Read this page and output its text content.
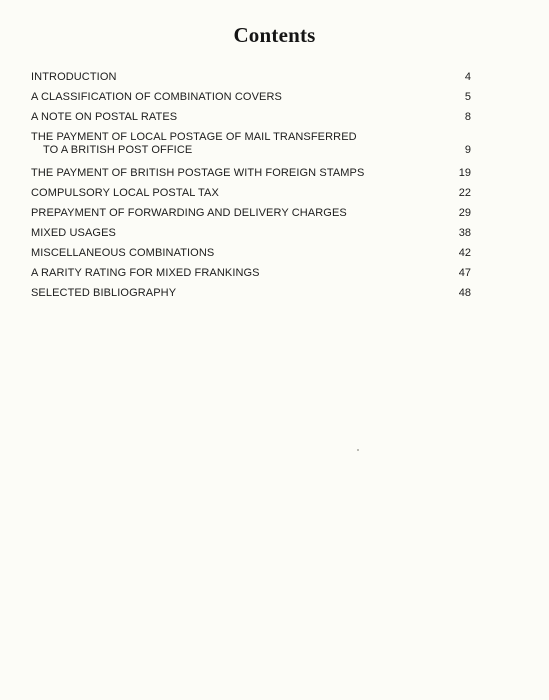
Contents
INTRODUCTION	4
A CLASSIFICATION OF COMBINATION COVERS	5
A NOTE ON POSTAL RATES	8
THE PAYMENT OF LOCAL POSTAGE OF MAIL TRANSFERRED
TO A BRITISH POST OFFICE	9
THE PAYMENT OF BRITISH POSTAGE WITH FOREIGN STAMPS	19
COMPULSORY LOCAL POSTAL TAX	22
PREPAYMENT OF FORWARDING AND DELIVERY CHARGES	29
MIXED USAGES	38
MISCELLANEOUS COMBINATIONS	42
A RARITY RATING FOR MIXED FRANKINGS	47
SELECTED BIBLIOGRAPHY	48
